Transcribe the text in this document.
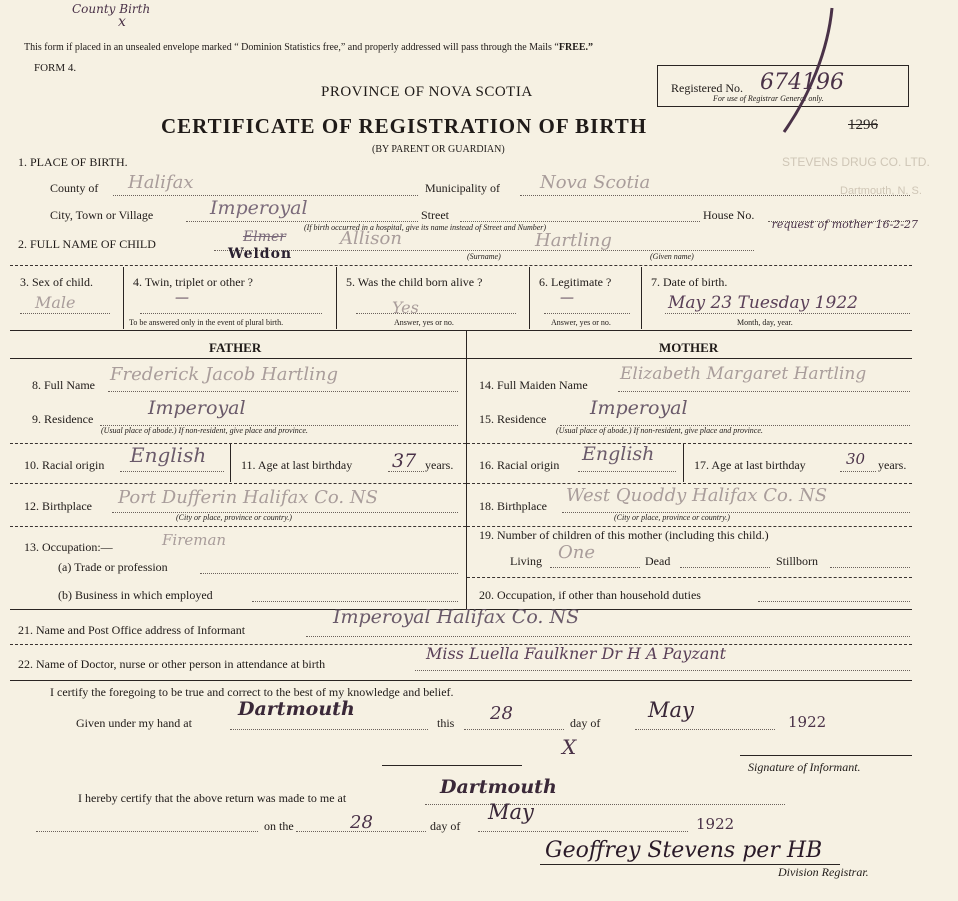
County Birth
x
This form if placed in an unsealed envelope marked “ Dominion Statistics free,” and properly addressed will pass through the Mails “FREE.”
FORM 4.
Registered No. 674196
For use of Registrar General only.
1296
STEVENS DRUG CO. LTD.
Dartmouth, N. S.
PROVINCE OF NOVA SCOTIA
CERTIFICATE OF REGISTRATION OF BIRTH
(BY PARENT OR GUARDIAN)
1. PLACE OF BIRTH.
County of Halifax	Municipality of Nova Scotia
City, Town or Village	Imperoyal	Street
(If birth occurred in a hospital, give its name instead of Street and Number)
House No.
request of mother 16-2-27
2. FULL NAME OF CHILD	Elmer
Weldon
Allison	Hartling
(Surname)	(Given name)
3. Sex of child.
Male
4. Twin, triplet or other ?
—
To be answered only in the event of plural birth.
5. Was the child born alive ?
Yes
Answer, yes or no.
6. Legitimate ?
—
Answer, yes or no.
7. Date of birth.
May 23 Tuesday 1922
Month, day, year.
FATHER	MOTHER
8. Full Name Frederick Jacob Hartling
9. Residence	Imperoyal
(Usual place of abode.) If non-resident, give place and province.
10. Racial origin English	11. Age at last birthday 37 years.
12. Birthplace Port Dufferin Halifax Co. NS
(City or place, province or country.)
13. Occupation:—	Fireman
(a) Trade or profession
(b) Business in which employed
14. Full Maiden Name
Elizabeth Margaret Hartling
15. Residence Imperoyal
(Usual place of abode.) If non-resident, give place and province.
16. Racial origin English	17. Age at last birthday	30 years.
18. Birthplace West Quoddy Halifax Co. NS
(City or place, province or country.)
19. Number of children of this mother (including this child.)
Living One	Dead	Stillborn
20. Occupation, if other than household duties
21. Name and Post Office address of Informant
Imperoyal Halifax Co. NS
22. Name of Doctor, nurse or other person in attendance at birth
Miss Luella Faulkner Dr H A Payzant
I certify the foregoing to be true and correct to the best of my knowledge and belief.
Given under my hand at
Dartmouth
this 28	day of
May	1922
X
Signature of Informant.
I hereby certify that the above return was made to me at	Dartmouth
on the	28	day of
May	1922
Geoffrey Stevens per HB
Division Registrar.
